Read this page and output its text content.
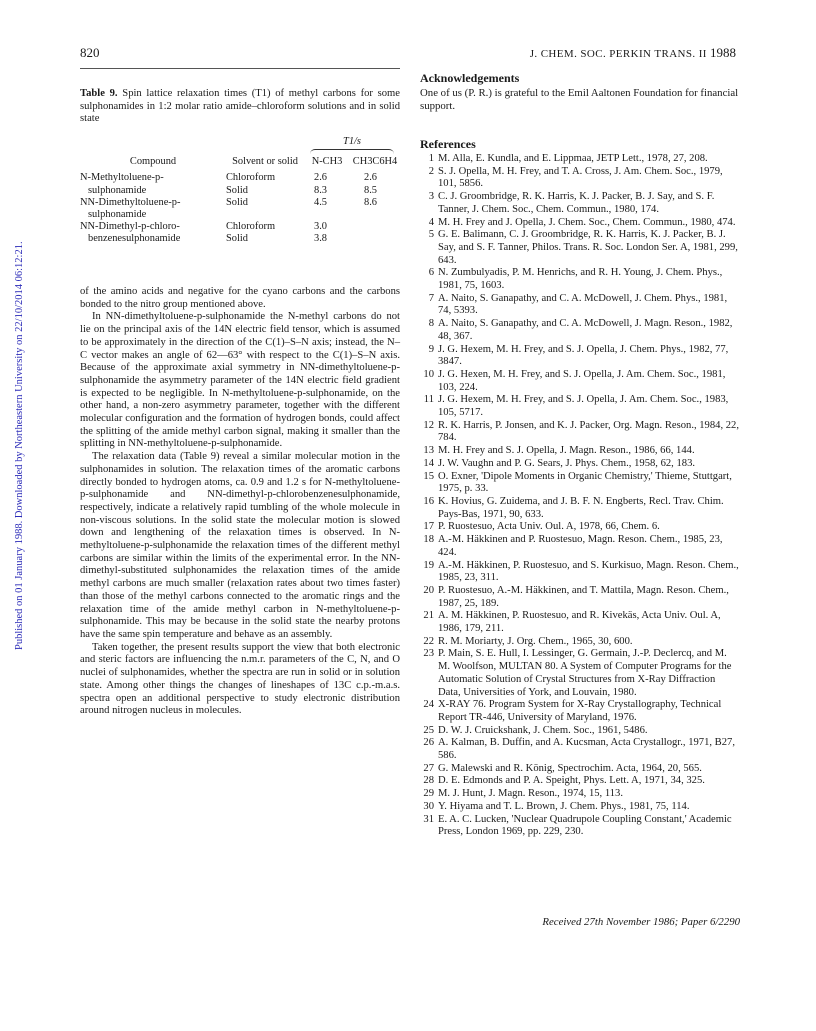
820	J. CHEM. SOC. PERKIN TRANS. II 1988
Published on 01 January 1988. Downloaded by Northeastern University on 22/10/2014 06:12:21.

Table 9. Spin lattice relaxation times (T1) of methyl carbons for some sulphonamides in 1:2 molar ratio amide–chloroform solutions and in solid state

		T1/s	

Compound	Solvent or solid	N-CH3	CH3C6H4

N-Methyltoluene-p-	Chloroform	2.6	2.6
sulphonamide	Solid	8.3	8.5
NN-Dimethyltoluene-p-	Solid	4.5	8.6
sulphonamide			
NN-Dimethyl-p-chloro-	Chloroform	3.0	
benzenesulphonamide	Solid	3.8	

of the amino acids and negative for the cyano carbons and the carbons bonded to the nitro group mentioned above.

In NN-dimethyltoluene-p-sulphonamide the N-methyl carbons do not lie on the principal axis of the 14N electric field tensor, which is assumed to be approximately in the direction of the C(1)–S–N axis; instead, the N–C vector makes an angle of 62—63° with respect to the C(1)–S–N axis. Because of the approximate axial symmetry in NN-dimethyltoluene-p-sulphonamide the asymmetry parameter of the 14N electric field gradient is expected to be negligible. In N-methyltoluene-p-sulphonamide, on the other hand, a non-zero asymmetry parameter, together with the different molecular configuration and the formation of hydrogen bonds, could affect the splitting of the amide methyl carbon signal, making it smaller than the splitting in NN-methyltoluene-p-sulphonamide.

The relaxation data (Table 9) reveal a similar molecular motion in the sulphonamides in solution. The relaxation times of the aromatic carbons directly bonded to hydrogen atoms, ca. 0.9 and 1.2 s for N-methyltoluene-p-sulphonamide and NN-dimethyl-p-chlorobenzenesulphonamide, respectively, indicate a relatively rapid tumbling of the whole molecule in non-viscous solutions. In the solid state the molecular motion is slowed down and lengthening of the relaxation times is observed. In N-methyltoluene-p-sulphonamide the relaxation times of the different methyl carbons are similar within the limits of the experimental error. In the NN-dimethyl-substituted sulphonamides the relaxation times of the amide methyl carbons are much smaller (relaxation rates about two times faster) than those of the methyl carbons connected to the aromatic rings and the relaxation time of the amide methyl carbon in N-methyltoluene-p-sulphonamide. This may be because in the solid state the nearby protons have the same spin temperature and behave as an assembly.

Taken together, the present results support the view that both electronic and steric factors are influencing the n.m.r. parameters of the C, N, and O nuclei of sulphonamides, whether the spectra are run in solid or in solution state. Among other things the changes of lineshapes of 13C c.p.-m.a.s. spectra open an additional perspective to study electronic distribution around nitrogen nucleus in molecules.

Acknowledgements
One of us (P. R.) is grateful to the Emil Aaltonen Foundation for financial support.
References
1 M. Alla, E. Kundla, and E. Lippmaa, JETP Lett., 1978, 27, 208.
2 S. J. Opella, M. H. Frey, and T. A. Cross, J. Am. Chem. Soc., 1979, 101, 5856.
3 C. J. Groombridge, R. K. Harris, K. J. Packer, B. J. Say, and S. F. Tanner, J. Chem. Soc., Chem. Commun., 1980, 174.
4 M. H. Frey and J. Opella, J. Chem. Soc., Chem. Commun., 1980, 474.
5 G. E. Balimann, C. J. Groombridge, R. K. Harris, K. J. Packer, B. J. Say, and S. F. Tanner, Philos. Trans. R. Soc. London Ser. A, 1981, 299, 643.
6 N. Zumbulyadis, P. M. Henrichs, and R. H. Young, J. Chem. Phys., 1981, 75, 1603.
7 A. Naito, S. Ganapathy, and C. A. McDowell, J. Chem. Phys., 1981, 74, 5393.
8 A. Naito, S. Ganapathy, and C. A. McDowell, J. Magn. Reson., 1982, 48, 367.
9 J. G. Hexem, M. H. Frey, and S. J. Opella, J. Chem. Phys., 1982, 77, 3847.
10 J. G. Hexen, M. H. Frey, and S. J. Opella, J. Am. Chem. Soc., 1981, 103, 224.
11 J. G. Hexem, M. H. Frey, and S. J. Opella, J. Am. Chem. Soc., 1983, 105, 5717.
12 R. K. Harris, P. Jonsen, and K. J. Packer, Org. Magn. Reson., 1984, 22, 784.
13 M. H. Frey and S. J. Opella, J. Magn. Reson., 1986, 66, 144.
14 J. W. Vaughn and P. G. Sears, J. Phys. Chem., 1958, 62, 183.
15 O. Exner, 'Dipole Moments in Organic Chemistry,' Thieme, Stuttgart, 1975, p. 33.
16 K. Hovius, G. Zuidema, and J. B. F. N. Engberts, Recl. Trav. Chim. Pays-Bas, 1971, 90, 633.
17 P. Ruostesuo, Acta Univ. Oul. A, 1978, 66, Chem. 6.
18 A.-M. Häkkinen and P. Ruostesuo, Magn. Reson. Chem., 1985, 23, 424.
19 A.-M. Häkkinen, P. Ruostesuo, and S. Kurkisuo, Magn. Reson. Chem., 1985, 23, 311.
20 P. Ruostesuo, A.-M. Häkkinen, and T. Mattila, Magn. Reson. Chem., 1987, 25, 189.
21 A. M. Häkkinen, P. Ruostesuo, and R. Kivekäs, Acta Univ. Oul. A, 1986, 179, 211.
22 R. M. Moriarty, J. Org. Chem., 1965, 30, 600.
23 P. Main, S. E. Hull, I. Lessinger, G. Germain, J.-P. Declercq, and M. M. Woolfson, MULTAN 80. A System of Computer Programs for the Automatic Solution of Crystal Structures from X-Ray Diffraction Data, Universities of York, and Louvain, 1980.
24 X-RAY 76. Program System for X-Ray Crystallography, Technical Report TR-446, University of Maryland, 1976.
25 D. W. J. Cruickshank, J. Chem. Soc., 1961, 5486.
26 A. Kalman, B. Duffin, and A. Kucsman, Acta Crystallogr., 1971, B27, 586.
27 G. Malewski and R. König, Spectrochim. Acta, 1964, 20, 565.
28 D. E. Edmonds and P. A. Speight, Phys. Lett. A, 1971, 34, 325.
29 M. J. Hunt, J. Magn. Reson., 1974, 15, 113.
30 Y. Hiyama and T. L. Brown, J. Chem. Phys., 1981, 75, 114.
31 E. A. C. Lucken, 'Nuclear Quadrupole Coupling Constant,' Academic Press, London 1969, pp. 229, 230.
Received 27th November 1986; Paper 6/2290
